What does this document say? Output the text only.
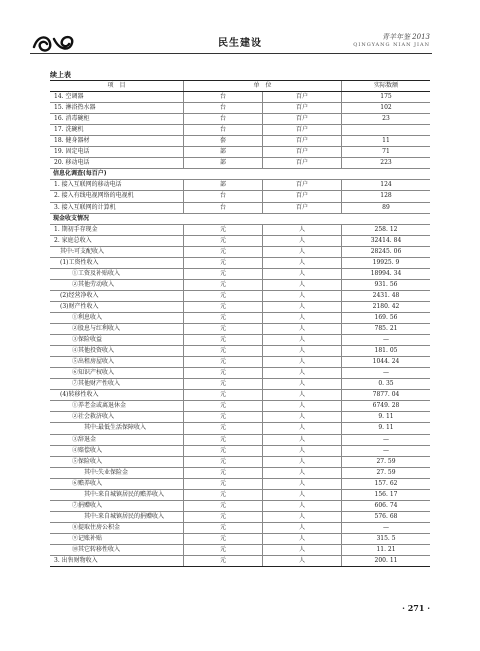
民生建设
青羊年鉴 2013
QINGYANG NIAN JIAN
续上表
项　目	单　位		实际数额
14. 空调器	台	百户	175
15. 淋浴热水器	台	百户	102
16. 消毒碗柜	台	百户	23
17. 洗碗机	台	百户	
18. 健身器材	套	百户	11
19. 固定电话	部	百户	71
20. 移动电话	部	百户	223
信息化调查(每百户)			
1. 接入互联网的移动电话	部	百户	124
2. 接入有线电视网络的电视机	台	百户	128
3. 接入互联网的计算机	台	百户	89
现金收支情况			
1. 期初手存现金	元	人	258. 12
2. 家庭总收入	元	人	32414. 84
其中:可支配收入	元	人	28245. 06
(1)工资性收入	元	人	19925. 9
①工资及补贴收入	元	人	18994. 34
②其他劳动收入	元	人	931. 56
(2)经营净收入	元	人	2431. 48
(3)财产性收入	元	人	2180. 42
①利息收入	元	人	169. 56
②股息与红利收入	元	人	785. 21
③保险收益	元	人	—
④其他投资收入	元	人	181. 05
⑤出租房屋收入	元	人	1044. 24
⑥知识产权收入	元	人	—
⑦其他财产性收入	元	人	0. 35
(4)转移性收入	元	人	7877. 04
①养老金或离退休金	元	人	6749. 28
②社会救济收入	元	人	9. 11
其中:最低生活保障收入	元	人	9. 11
③辞退金	元	人	—
④赔偿收入	元	人	—
⑤保险收入	元	人	27. 59
其中:失业保险金	元	人	27. 59
⑥赡养收入	元	人	157. 62
其中:来自城镇居民的赡养收入	元	人	156. 17
⑦捐赠收入	元	人	606. 74
其中:来自城镇居民的捐赠收入	元	人	576. 68
⑧提取住房公积金	元	人	—
⑨记账补贴	元	人	315. 5
⑩其它转移性收入	元	人	11. 21
3. 出售财物收入	元	人	200. 11
· 271 ·
